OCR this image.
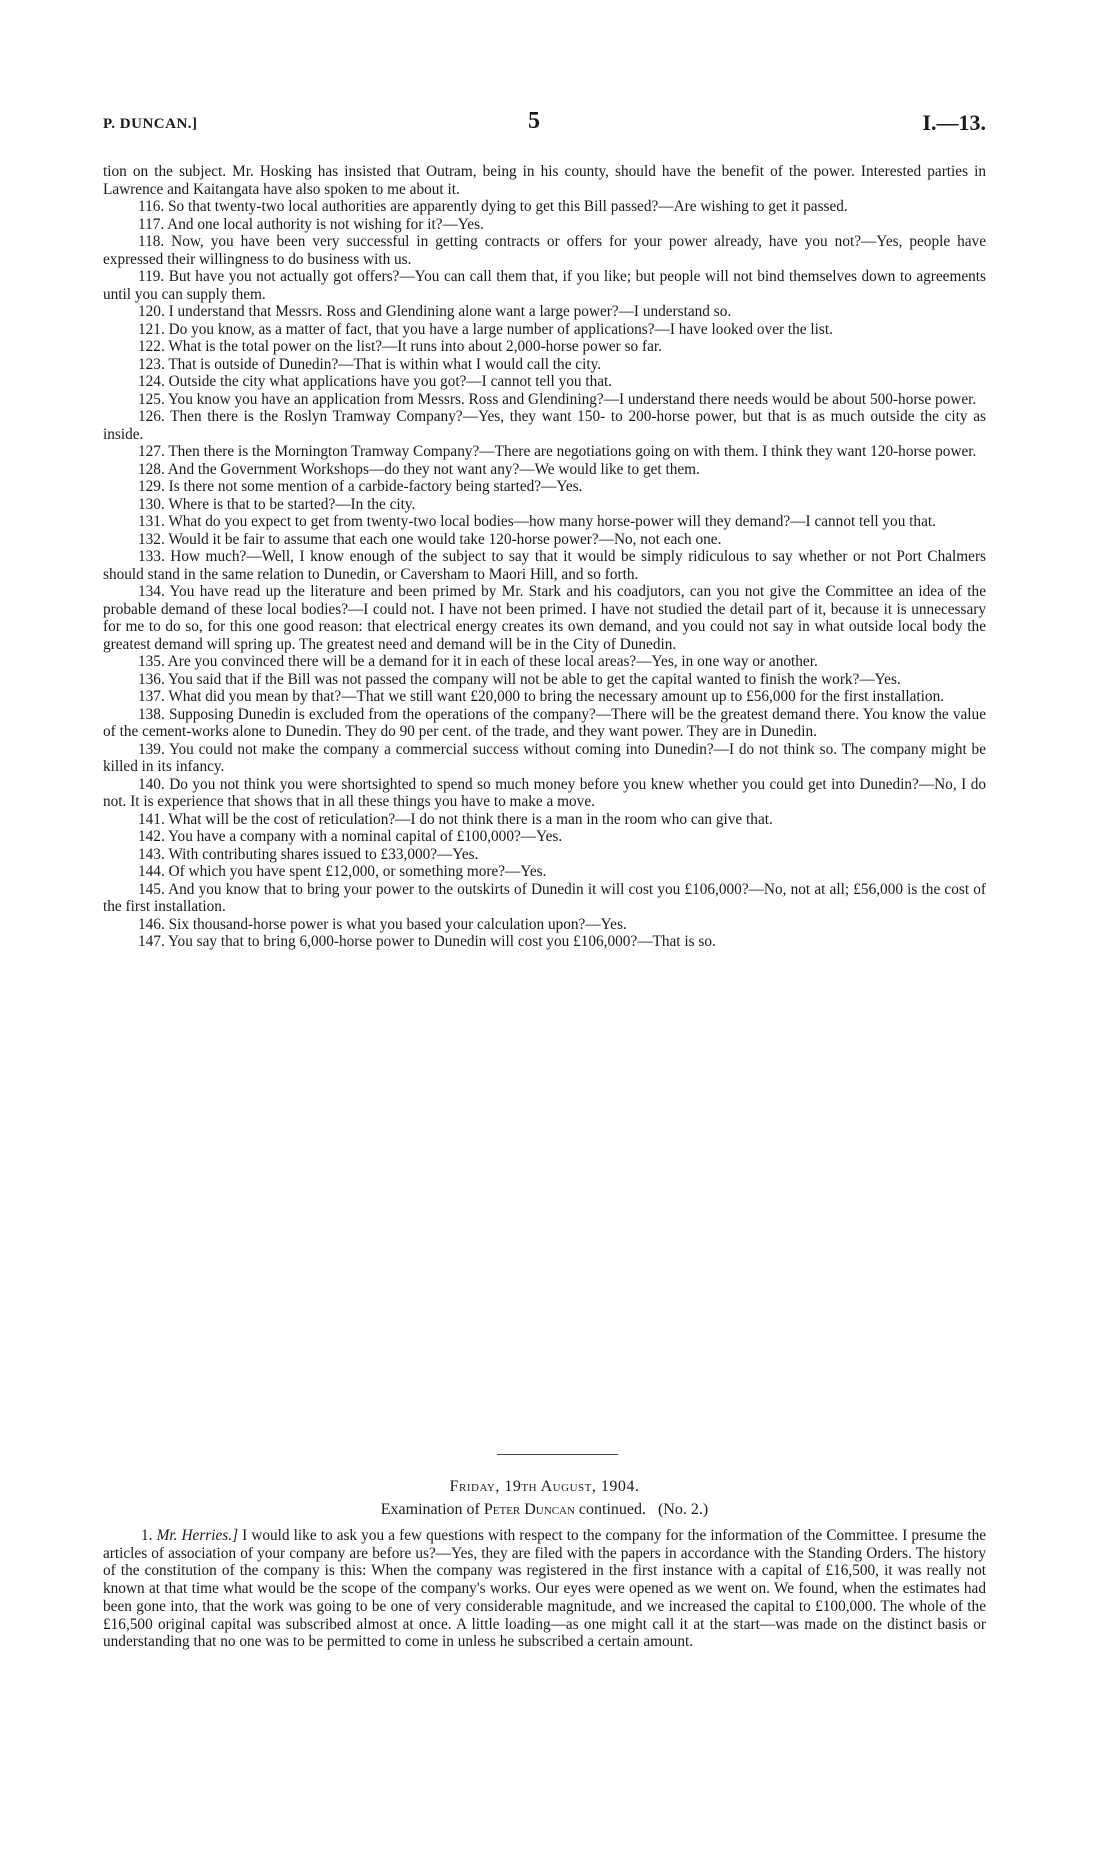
P. DUNCAN.]	5	I.—13.

tion on the subject. Mr. Hosking has insisted that Outram, being in his county, should have the benefit of the power. Interested parties in Lawrence and Kaitangata have also spoken to me about it.

116. So that twenty-two local authorities are apparently dying to get this Bill passed?—Are wishing to get it passed.

117. And one local authority is not wishing for it?—Yes.

118. Now, you have been very successful in getting contracts or offers for your power already, have you not?—Yes, people have expressed their willingness to do business with us.

119. But have you not actually got offers?—You can call them that, if you like; but people will not bind themselves down to agreements until you can supply them.

120. I understand that Messrs. Ross and Glendining alone want a large power?—I understand so.

121. Do you know, as a matter of fact, that you have a large number of applications?—I have looked over the list.

122. What is the total power on the list?—It runs into about 2,000-horse power so far.

123. That is outside of Dunedin?—That is within what I would call the city.

124. Outside the city what applications have you got?—I cannot tell you that.

125. You know you have an application from Messrs. Ross and Glendining?—I understand there needs would be about 500-horse power.

126. Then there is the Roslyn Tramway Company?—Yes, they want 150- to 200-horse power, but that is as much outside the city as inside.

127. Then there is the Mornington Tramway Company?—There are negotiations going on with them. I think they want 120-horse power.

128. And the Government Workshops—do they not want any?—We would like to get them.

129. Is there not some mention of a carbide-factory being started?—Yes.

130. Where is that to be started?—In the city.

131. What do you expect to get from twenty-two local bodies—how many horse-power will they demand?—I cannot tell you that.

132. Would it be fair to assume that each one would take 120-horse power?—No, not each one.

133. How much?—Well, I know enough of the subject to say that it would be simply ridiculous to say whether or not Port Chalmers should stand in the same relation to Dunedin, or Caversham to Maori Hill, and so forth.

134. You have read up the literature and been primed by Mr. Stark and his coadjutors, can you not give the Committee an idea of the probable demand of these local bodies?—I could not. I have not been primed. I have not studied the detail part of it, because it is unnecessary for me to do so, for this one good reason: that electrical energy creates its own demand, and you could not say in what outside local body the greatest demand will spring up. The greatest need and demand will be in the City of Dunedin.

135. Are you convinced there will be a demand for it in each of these local areas?—Yes, in one way or another.

136. You said that if the Bill was not passed the company will not be able to get the capital wanted to finish the work?—Yes.

137. What did you mean by that?—That we still want £20,000 to bring the necessary amount up to £56,000 for the first installation.

138. Supposing Dunedin is excluded from the operations of the company?—There will be the greatest demand there. You know the value of the cement-works alone to Dunedin. They do 90 per cent. of the trade, and they want power. They are in Dunedin.

139. You could not make the company a commercial success without coming into Dunedin?—I do not think so. The company might be killed in its infancy.

140. Do you not think you were shortsighted to spend so much money before you knew whether you could get into Dunedin?—No, I do not. It is experience that shows that in all these things you have to make a move.

141. What will be the cost of reticulation?—I do not think there is a man in the room who can give that.

142. You have a company with a nominal capital of £100,000?—Yes.

143. With contributing shares issued to £33,000?—Yes.

144. Of which you have spent £12,000, or something more?—Yes.

145. And you know that to bring your power to the outskirts of Dunedin it will cost you £106,000?—No, not at all; £56,000 is the cost of the first installation.

146. Six thousand-horse power is what you based your calculation upon?—Yes.

147. You say that to bring 6,000-horse power to Dunedin will cost you £106,000?—That is so.

Friday, 19th August, 1904.
Examination of Peter Duncan continued.   (No. 2.)

1. Mr. Herries.] I would like to ask you a few questions with respect to the company for the information of the Committee. I presume the articles of association of your company are before us?—Yes, they are filed with the papers in accordance with the Standing Orders. The history of the constitution of the company is this: When the company was registered in the first instance with a capital of £16,500, it was really not known at that time what would be the scope of the company's works. Our eyes were opened as we went on. We found, when the estimates had been gone into, that the work was going to be one of very considerable magnitude, and we increased the capital to £100,000. The whole of the £16,500 original capital was subscribed almost at once. A little loading—as one might call it at the start—was made on the distinct basis or understanding that no one was to be permitted to come in unless he subscribed a certain amount.
